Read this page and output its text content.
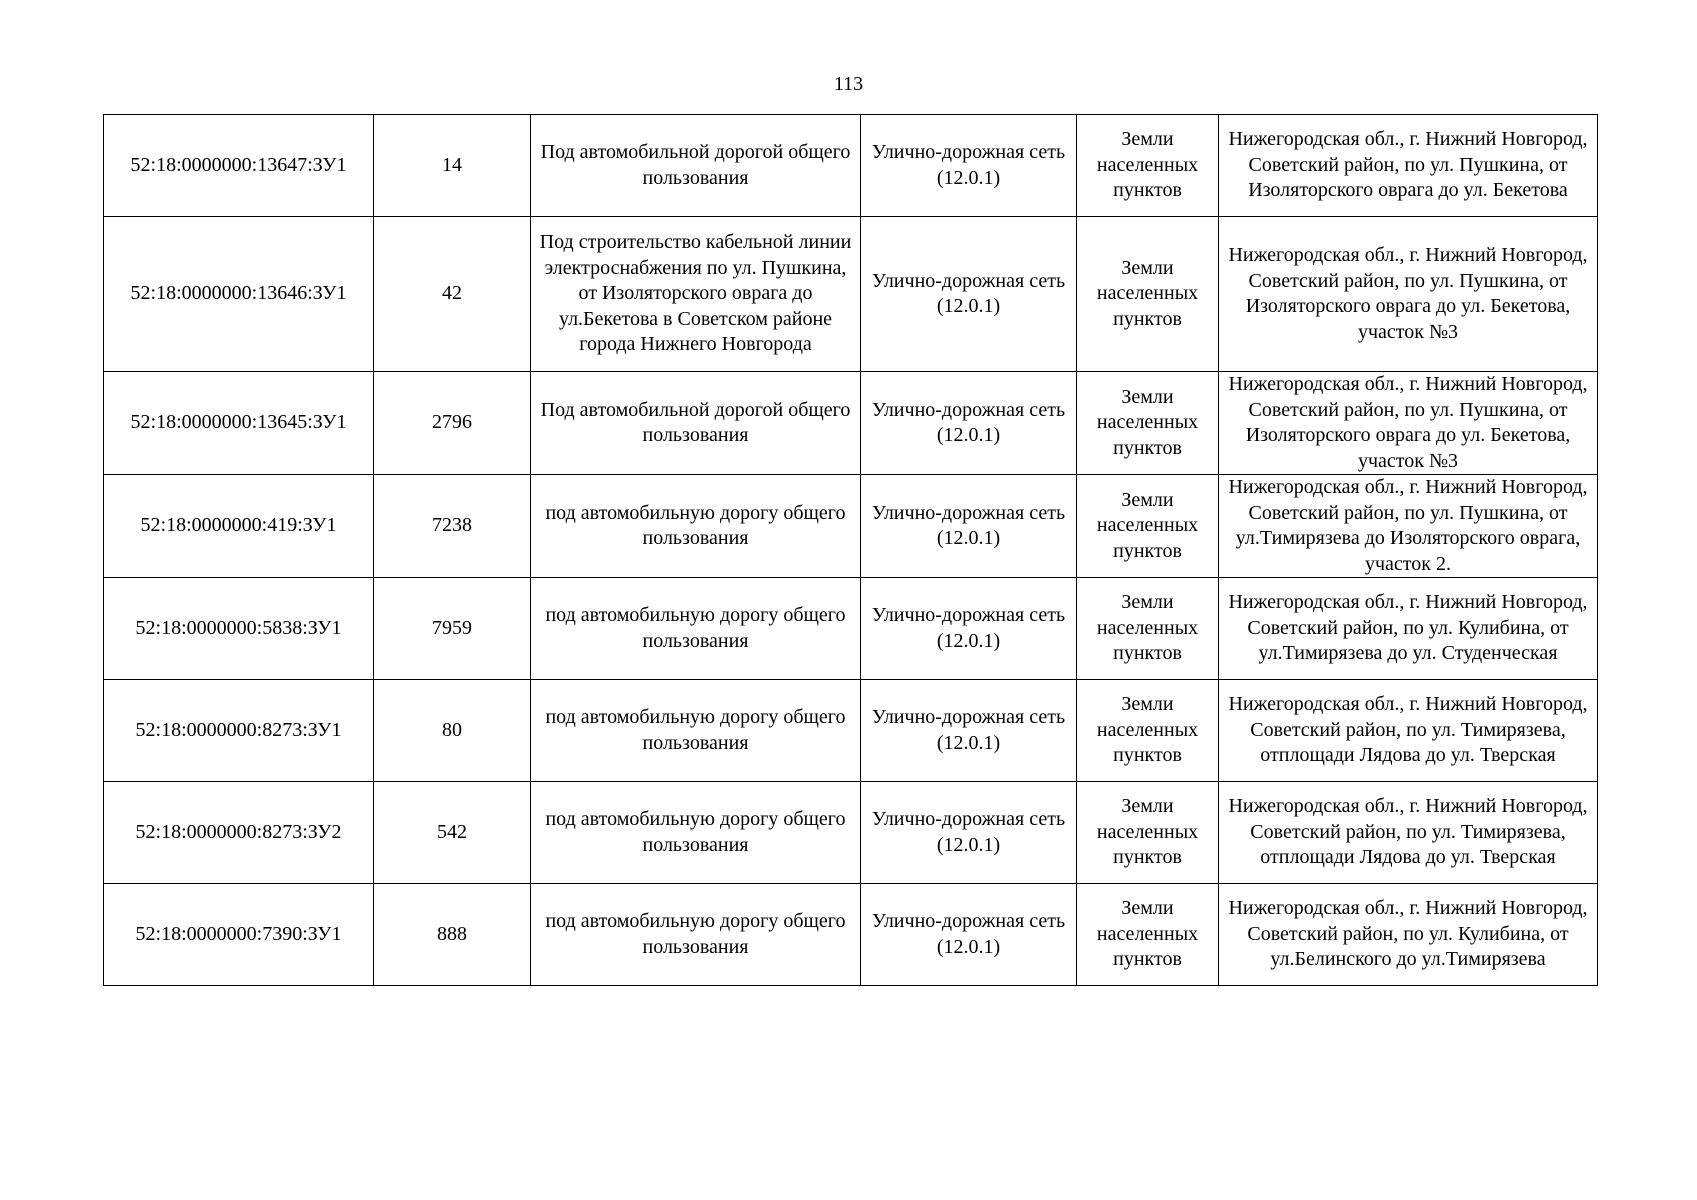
113
52:18:0000000:13647:ЗУ1	14	Под автомобильной дорогой общего пользования	Улично-дорожная сеть (12.0.1)	Земли населенных пунктов	Нижегородская обл., г. Нижний Новгород, Советский район, по ул. Пушкина, от Изоляторского оврага до ул. Бекетова
52:18:0000000:13646:ЗУ1	42	Под строительство кабельной линии электроснабжения по ул. Пушкина, от Изоляторского оврага до ул.Бекетова в Советском районе города Нижнего Новгорода	Улично-дорожная сеть (12.0.1)	Земли населенных пунктов	Нижегородская обл., г. Нижний Новгород, Советский район, по ул. Пушкина, от Изоляторского оврага до ул. Бекетова, участок №3
52:18:0000000:13645:ЗУ1	2796	Под автомобильной дорогой общего пользования	Улично-дорожная сеть (12.0.1)	Земли населенных пунктов	Нижегородская обл., г. Нижний Новгород, Советский район, по ул. Пушкина, от Изоляторского оврага до ул. Бекетова, участок №3
52:18:0000000:419:ЗУ1	7238	под автомобильную дорогу общего пользования	Улично-дорожная сеть (12.0.1)	Земли населенных пунктов	Нижегородская обл., г. Нижний Новгород, Советский район, по ул. Пушкина, от ул.Тимирязева до Изоляторского оврага, участок 2.
52:18:0000000:5838:ЗУ1	7959	под автомобильную дорогу общего пользования	Улично-дорожная сеть (12.0.1)	Земли населенных пунктов	Нижегородская обл., г. Нижний Новгород, Советский район, по ул. Кулибина, от ул.Тимирязева до ул. Студенческая
52:18:0000000:8273:ЗУ1	80	под автомобильную дорогу общего пользования	Улично-дорожная сеть (12.0.1)	Земли населенных пунктов	Нижегородская обл., г. Нижний Новгород, Советский район, по ул. Тимирязева, отплощади Лядова до ул. Тверская
52:18:0000000:8273:ЗУ2	542	под автомобильную дорогу общего пользования	Улично-дорожная сеть (12.0.1)	Земли населенных пунктов	Нижегородская обл., г. Нижний Новгород, Советский район, по ул. Тимирязева, отплощади Лядова до ул. Тверская
52:18:0000000:7390:ЗУ1	888	под автомобильную дорогу общего пользования	Улично-дорожная сеть (12.0.1)	Земли населенных пунктов	Нижегородская обл., г. Нижний Новгород, Советский район, по ул. Кулибина, от ул.Белинского до ул.Тимирязева
